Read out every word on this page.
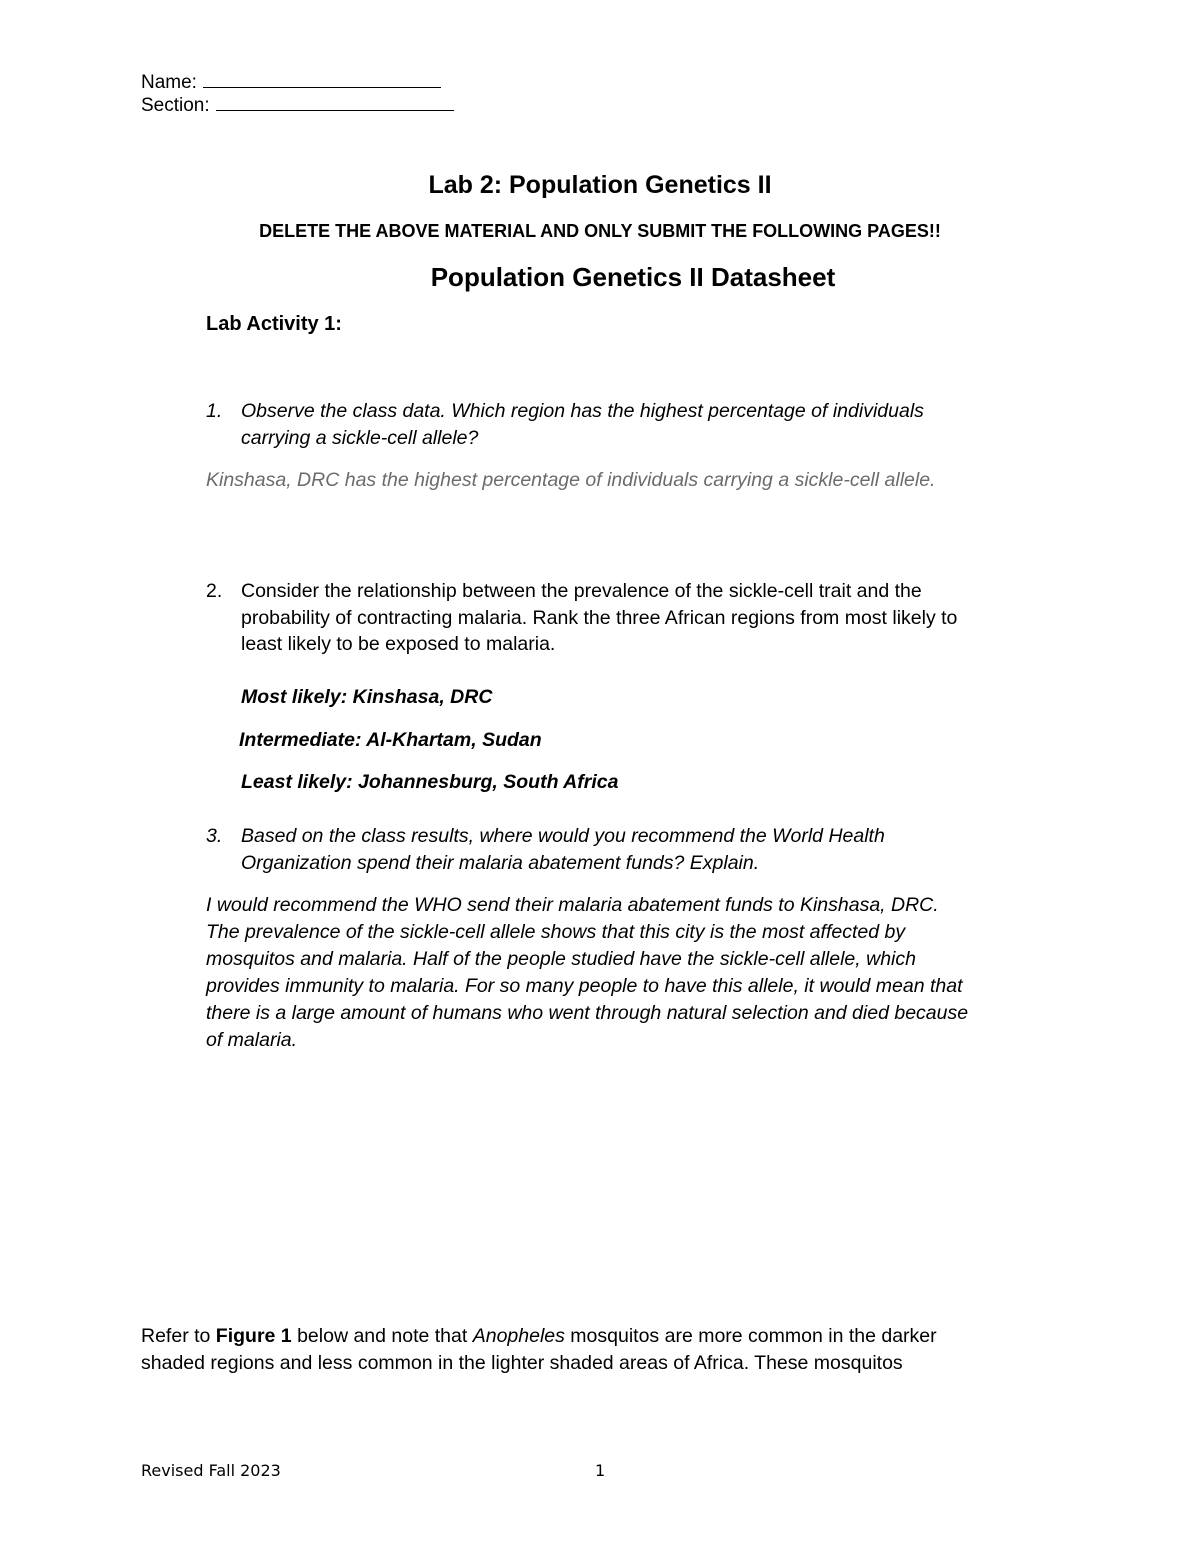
Name:
Section:
Lab 2: Population Genetics II
DELETE THE ABOVE MATERIAL AND ONLY SUBMIT THE FOLLOWING PAGES!!
Population Genetics II Datasheet
Lab Activity 1:
1. Observe the class data. Which region has the highest percentage of individuals
carrying a sickle-cell allele?
Kinshasa, DRC has the highest percentage of individuals carrying a sickle-cell allele.
2. Consider the relationship between the prevalence of the sickle-cell trait and the
probability of contracting malaria. Rank the three African regions from most likely to
least likely to be exposed to malaria.
Most likely: Kinshasa, DRC
Intermediate: Al-Khartam, Sudan
Least likely: Johannesburg, South Africa
3. Based on the class results, where would you recommend the World Health
Organization spend their malaria abatement funds? Explain.
I would recommend the WHO send their malaria abatement funds to Kinshasa, DRC.
The prevalence of the sickle-cell allele shows that this city is the most affected by
mosquitos and malaria. Half of the people studied have the sickle-cell allele, which
provides immunity to malaria. For so many people to have this allele, it would mean that
there is a large amount of humans who went through natural selection and died because
of malaria.
Refer to Figure 1 below and note that Anopheles mosquitos are more common in the darker
shaded regions and less common in the lighter shaded areas of Africa. These mosquitos
Revised Fall 2023	1
